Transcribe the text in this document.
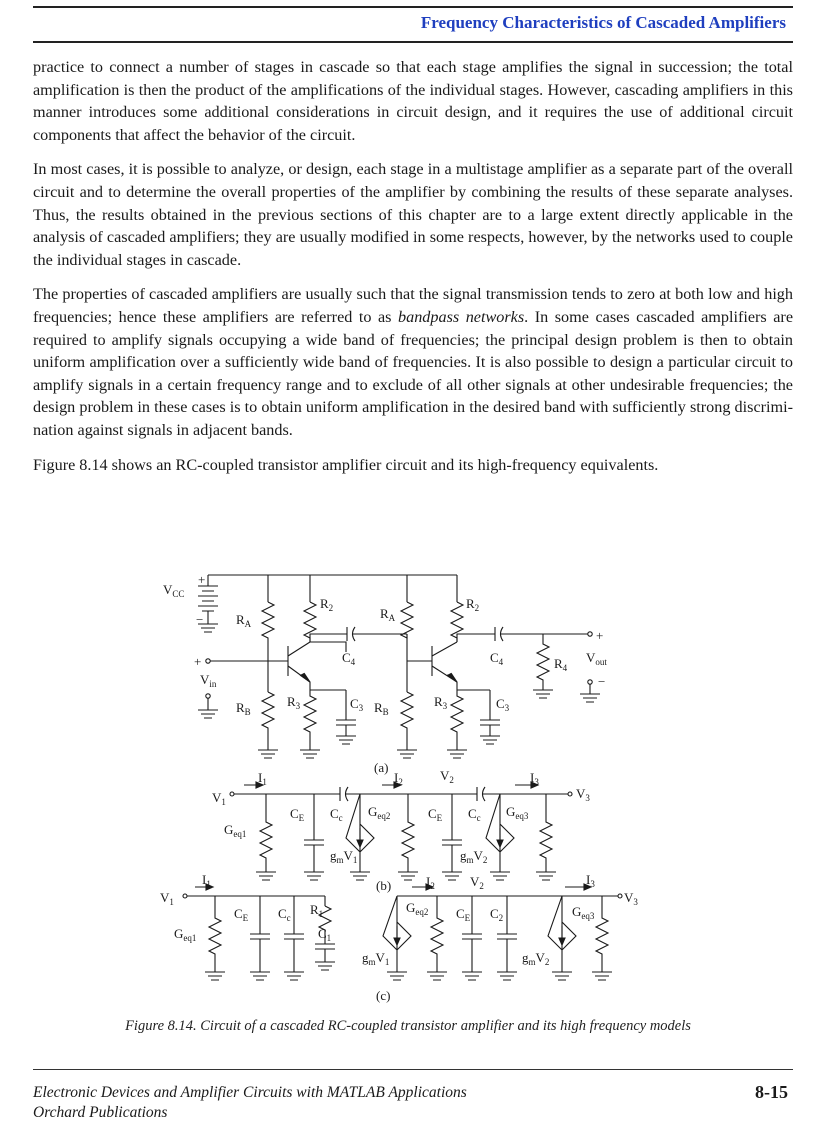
Frequency Characteristics of Cascaded Amplifiers

practice to connect a number of stages in cascade so that each stage amplifies the signal in succession; the total amplification is then the product of the amplifications of the individual stages. However, cascading amplifiers in this manner introduces some additional considerations in circuit design, and it requires the use of additional circuit components that affect the behavior of the circuit.

In most cases, it is possible to analyze, or design, each stage in a multistage amplifier as a separate part of the overall circuit and to determine the overall properties of the amplifier by combining the results of these separate analyses. Thus, the results obtained in the previous sections of this chapter are to a large extent directly applicable in the analysis of cascaded amplifiers; they are usually modified in some respects, however, by the networks used to couple the individual stages in cascade.

The properties of cascaded amplifiers are usually such that the signal transmission tends to zero at both low and high frequencies; hence these amplifiers are referred to as bandpass networks. In some cases cascaded amplifiers are required to amplify signals occupying a wide band of frequencies; the principal design problem is then to obtain uniform amplification over a sufficiently wide band of frequencies. It is also possible to design a particular circuit to amplify signals in a certain frequency range and to exclude of all other signals at other undesirable frequencies; the design problem in these cases is to obtain uniform amplification in the desired band with sufficiently strong discrimination against signals in adjacent bands.

Figure 8.14 shows an RC-coupled transistor amplifier circuit and its high-frequency equivalents.

$V_{CC}$
+
−	$R_A$
$R_2$	$R_A$
$R_2$
$C_4$	$C_4$	$R_4$
$V_{out}$
+
−
+
$V_{in}$
$R_B$
$R_3$	$C_3$ $R_B$
$R_3$	$C_3$
(a)
$V_1$
$I_1$
$G_{eq1}$
$C_E$ $C_c$ $G_{eq2}$
$g_mV_1$
$I_2$	$V_2$
$C_E$ $C_c$ $G_{eq3}$
$g_mV_2$
$I_3$
$V_3$
(b)
$V_1$
$I_1$
$G_{eq1}$
$C_E$ $C_c$
$R_1$
$C_1$
$g_mV_1$
$I_2$	$V_2$
$G_{eq2}$ $C_E$ $C_2$
$g_mV_2$
$I_3$
$V_3$
$G_{eq3}$
(c)
Figure 8.14. Circuit of a cascaded RC-coupled transistor amplifier and its high frequency models
Electronic Devices and Amplifier Circuits with MATLAB Applications
Orchard Publications
8-15
